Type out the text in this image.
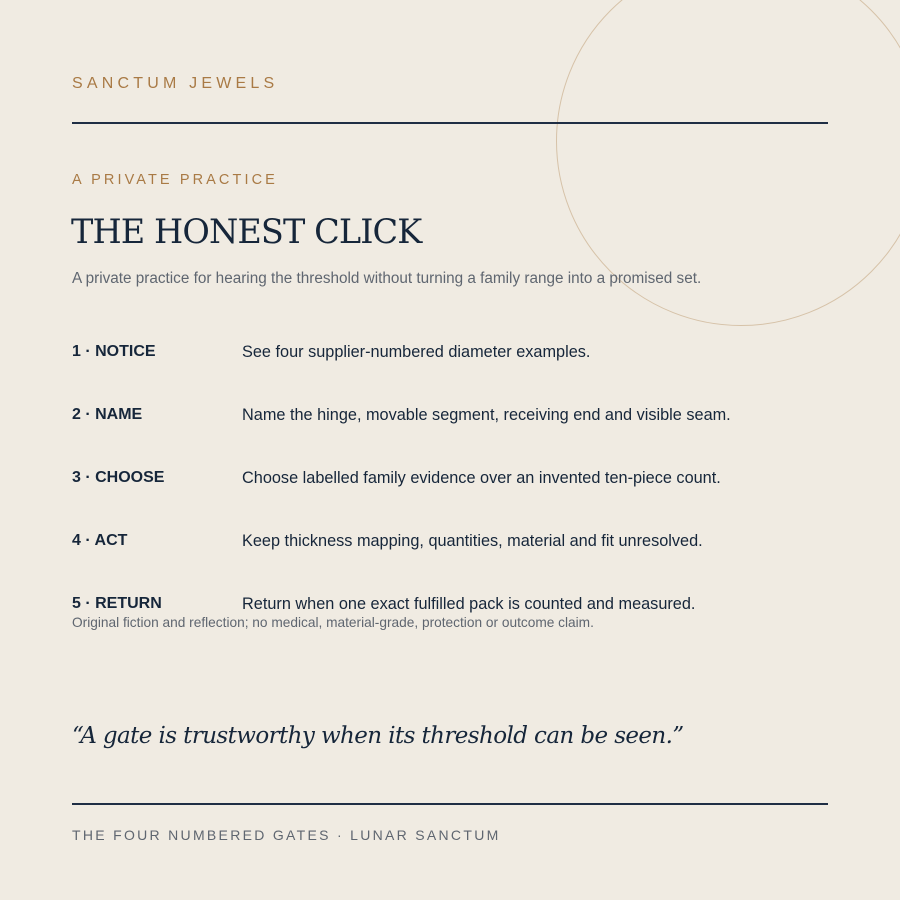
SANCTUM JEWELS
A PRIVATE PRACTICE
THE HONEST CLICK
A private practice for hearing the threshold without turning a family range into a promised set.
1 · NOTICE	See four supplier-numbered diameter examples.
2 · NAME	Name the hinge, movable segment, receiving end and visible seam.
3 · CHOOSE	Choose labelled family evidence over an invented ten-piece count.
4 · ACT	Keep thickness mapping, quantities, material and fit unresolved.
5 · RETURN	Return when one exact fulfilled pack is counted and measured.
Original fiction and reflection; no medical, material-grade, protection or outcome claim.
“A gate is trustworthy when its threshold can be seen.”
THE FOUR NUMBERED GATES · LUNAR SANCTUM
